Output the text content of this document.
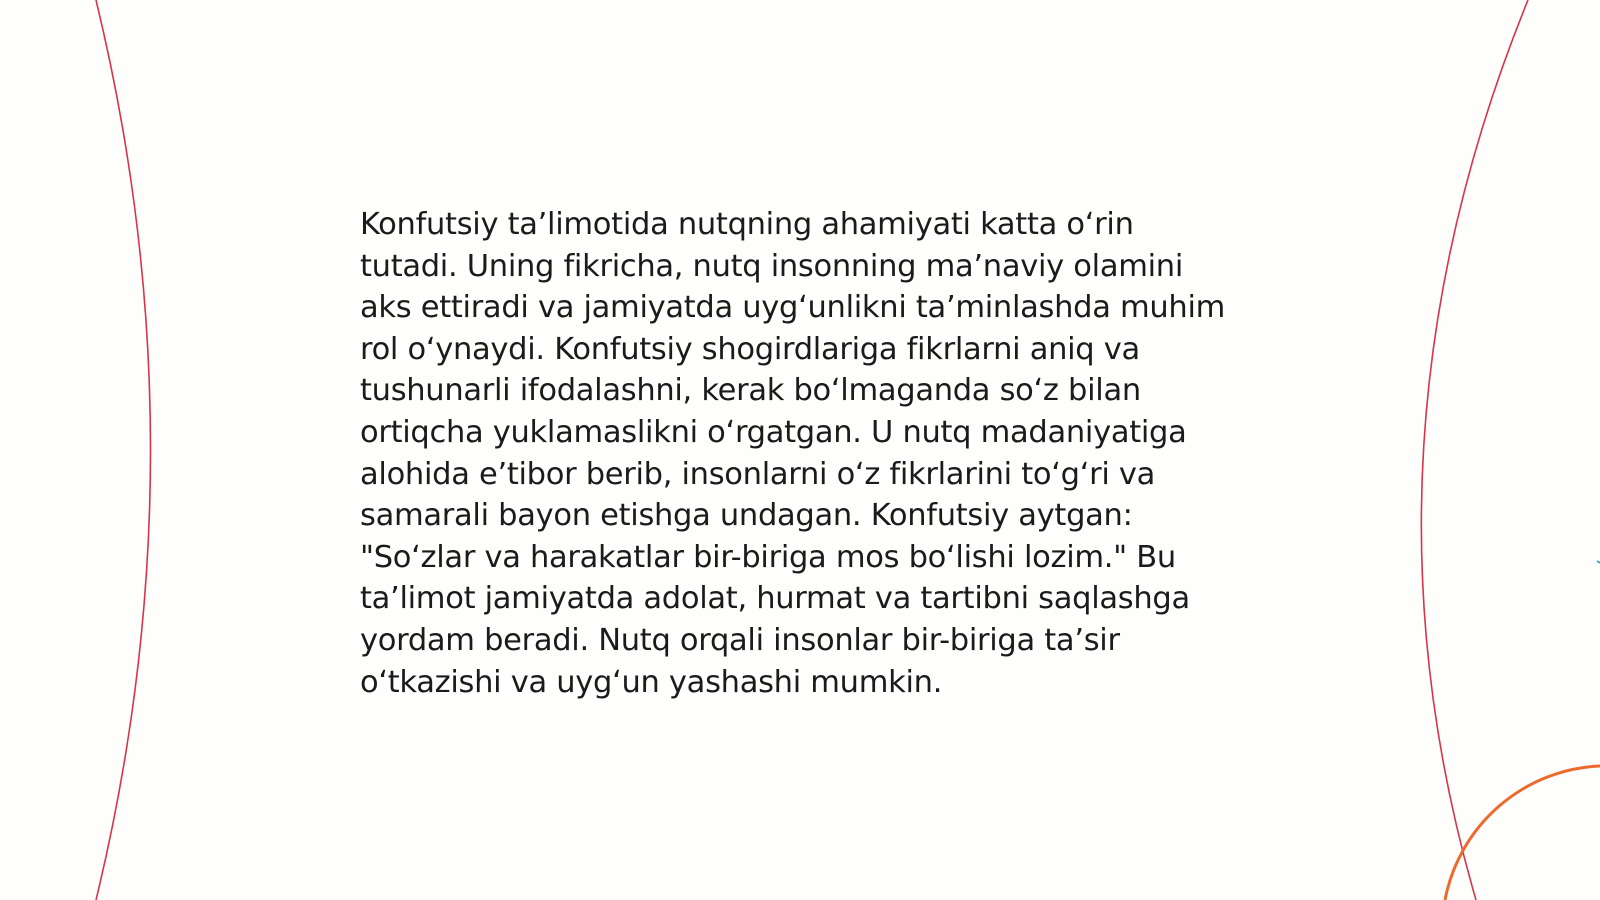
Konfutsiy ta’limotida nutqning ahamiyati katta o‘rin tutadi. Uning fikricha, nutq insonning ma’naviy olamini aks ettiradi va jamiyatda uyg‘unlikni ta’minlashda muhim rol o‘ynaydi. Konfutsiy shogirdlariga fikrlarni aniq va tushunarli ifodalashni, kerak bo‘lmaganda so‘z bilan ortiqcha yuklamaslikni o‘rgatgan. U nutq madaniyatiga alohida e’tibor berib, insonlarni o‘z fikrlarini to‘g‘ri va samarali bayon etishga undagan. Konfutsiy aytgan: "So‘zlar va harakatlar bir-biriga mos bo‘lishi lozim." Bu ta’limot jamiyatda adolat, hurmat va tartibni saqlashga yordam beradi. Nutq orqali insonlar bir-biriga ta’sir o‘tkazishi va uyg‘un yashashi mumkin.
